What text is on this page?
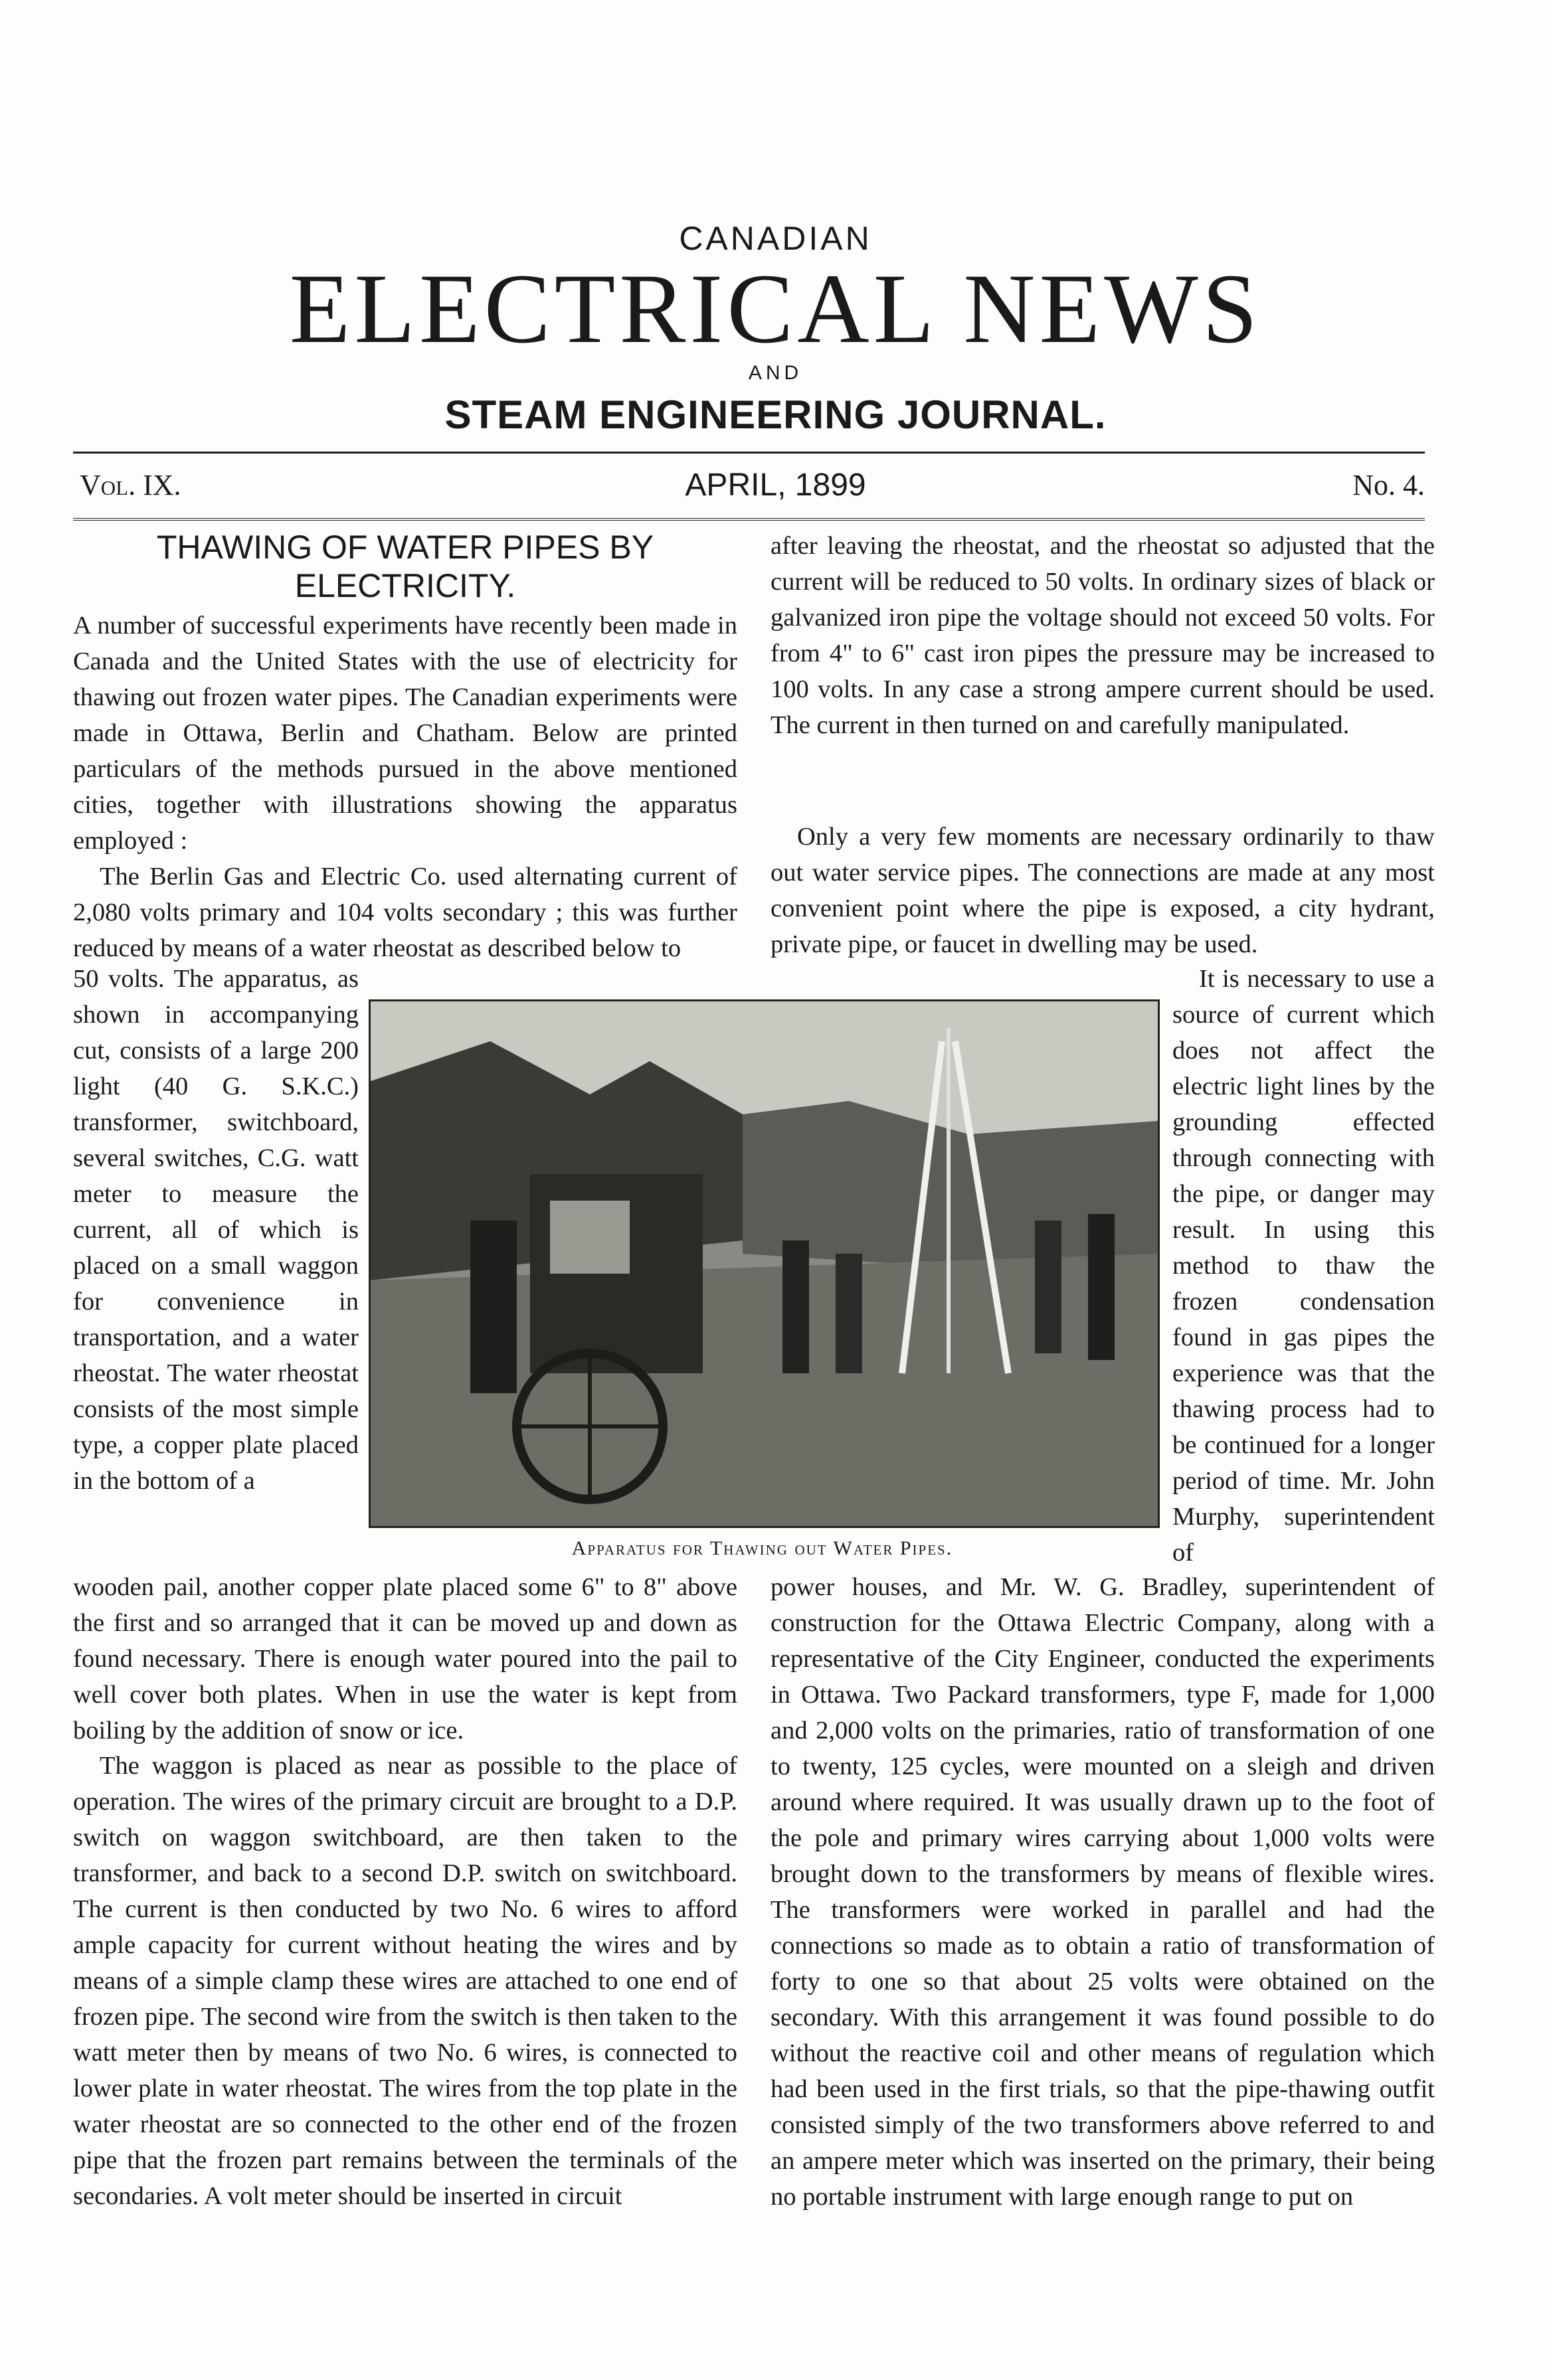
CANADIAN
ELECTRICAL NEWS
AND
STEAM ENGINEERING JOURNAL.
Vol. IX.	APRIL, 1899	No. 4.
THAWING OF WATER PIPES BY ELECTRICITY.

A number of successful experiments have recently been made in Canada and the United States with the use of electricity for thawing out frozen water pipes. The Canadian experiments were made in Ottawa, Berlin and Chatham. Below are printed particulars of the methods pursued in the above mentioned cities, together with illustrations showing the apparatus employed :

The Berlin Gas and Electric Co. used alternating current of 2,080 volts primary and 104 volts secondary ; this was further reduced by means of a water rheostat as described below to

50 volts. The apparatus, as shown in accompanying cut, consists of a large 200 light (40 G. S.K.C.) transformer, switchboard, several switches, C.G. watt meter to measure the current, all of which is placed on a small waggon for convenience in transportation, and a water rheostat. The water rheostat consists of the most simple type, a copper plate placed in the bottom of a

Apparatus for Thawing out Water Pipes.

wooden pail, another copper plate placed some 6" to 8" above the first and so arranged that it can be moved up and down as found necessary. There is enough water poured into the pail to well cover both plates. When in use the water is kept from boiling by the addition of snow or ice.

The waggon is placed as near as possible to the place of operation. The wires of the primary circuit are brought to a D.P. switch on waggon switchboard, are then taken to the transformer, and back to a second D.P. switch on switchboard. The current is then conducted by two No. 6 wires to afford ample capacity for current without heating the wires and by means of a simple clamp these wires are attached to one end of frozen pipe. The second wire from the switch is then taken to the watt meter then by means of two No. 6 wires, is connected to lower plate in water rheostat. The wires from the top plate in the water rheostat are so connected to the other end of the frozen pipe that the frozen part remains between the terminals of the secondaries. A volt meter should be inserted in circuit

after leaving the rheostat, and the rheostat so adjusted that the current will be reduced to 50 volts. In ordinary sizes of black or galvanized iron pipe the voltage should not exceed 50 volts. For from 4" to 6" cast iron pipes the pressure may be increased to 100 volts. In any case a strong ampere current should be used. The current in then turned on and carefully manipulated.

Only a very few moments are necessary ordinarily to thaw out water service pipes. The connections are made at any most convenient point where the pipe is exposed, a city hydrant, private pipe, or faucet in dwelling may be used.

It is necessary to use a source of current which does not affect the electric light lines by the grounding effected through connecting with the pipe, or danger may result. In using this method to thaw the frozen condensation found in gas pipes the experience was that the thawing process had to be continued for a longer period of time. Mr. John Murphy, superintendent of

power houses, and Mr. W. G. Bradley, superintendent of construction for the Ottawa Electric Company, along with a representative of the City Engineer, conducted the experiments in Ottawa. Two Packard transformers, type F, made for 1,000 and 2,000 volts on the primaries, ratio of transformation of one to twenty, 125 cycles, were mounted on a sleigh and driven around where required. It was usually drawn up to the foot of the pole and primary wires carrying about 1,000 volts were brought down to the transformers by means of flexible wires. The transformers were worked in parallel and had the connections so made as to obtain a ratio of transformation of forty to one so that about 25 volts were obtained on the secondary. With this arrangement it was found possible to do without the reactive coil and other means of regulation which had been used in the first trials, so that the pipe-thawing outfit consisted simply of the two transformers above referred to and an ampere meter which was inserted on the primary, their being no portable instrument with large enough range to put on
